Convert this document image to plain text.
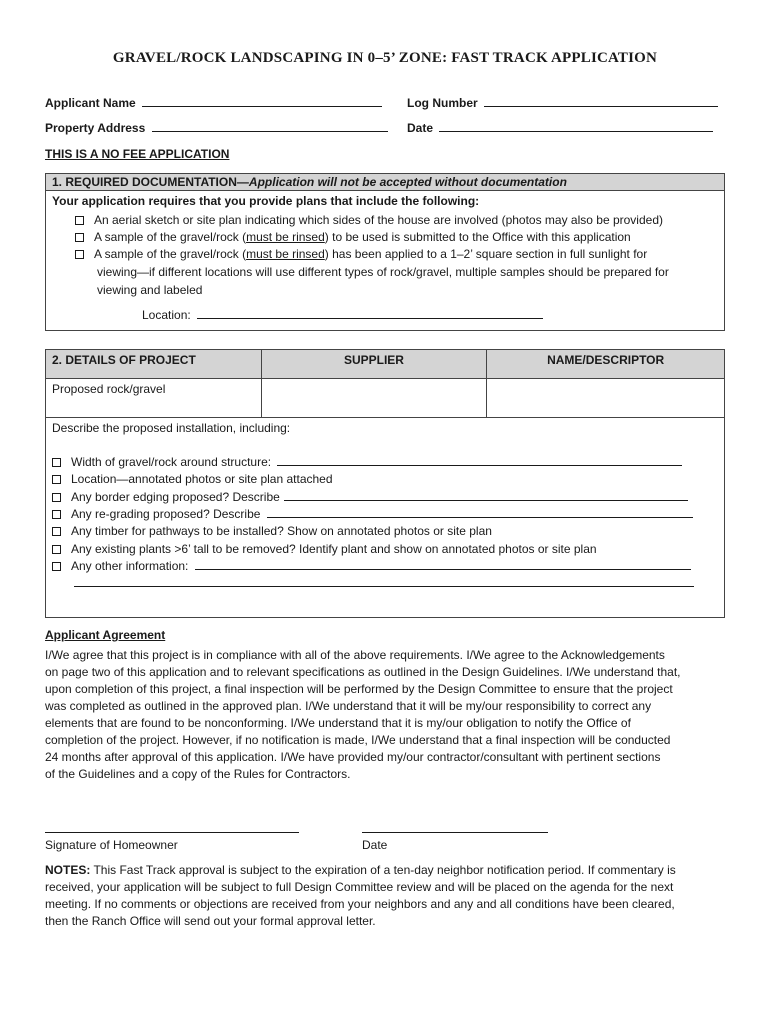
GRAVEL/ROCK LANDSCAPING IN 0–5’ ZONE: FAST TRACK APPLICATION
Applicant Name	Log Number
Property Address	Date
THIS IS A NO FEE APPLICATION
1. REQUIRED DOCUMENTATION—Application will not be accepted without documentation
Your application requires that you provide plans that include the following:
An aerial sketch or site plan indicating which sides of the house are involved (photos may also be provided)
A sample of the gravel/rock (must be rinsed) to be used is submitted to the Office with this application
A sample of the gravel/rock (must be rinsed) has been applied to a 1–2’ square section in full sunlight for
viewing—if different locations will use different types of rock/gravel, multiple samples should be prepared for
viewing and labeled
Location:
2. DETAILS OF PROJECT	SUPPLIER	NAME/DESCRIPTOR
Proposed rock/gravel		

Describe the proposed installation, including:
Width of gravel/rock around structure:
Location—annotated photos or site plan attached
Any border edging proposed? Describe
Any re-grading proposed? Describe
Any timber for pathways to be installed? Show on annotated photos or site plan
Any existing plants >6’ tall to be removed? Identify plant and show on annotated photos or site plan
Any other information:
Applicant Agreement
I/We agree that this project is in compliance with all of the above requirements. I/We agree to the Acknowledgements
on page two of this application and to relevant specifications as outlined in the Design Guidelines. I/We understand that,
upon completion of this project, a final inspection will be performed by the Design Committee to ensure that the project
was completed as outlined in the approved plan. I/We understand that it will be my/our responsibility to correct any
elements that are found to be nonconforming. I/We understand that it is my/our obligation to notify the Office of
completion of the project. However, if no notification is made, I/We understand that a final inspection will be conducted
24 months after approval of this application. I/We have provided my/our contractor/consultant with pertinent sections
of the Guidelines and a copy of the Rules for Contractors.
Signature of Homeowner	Date
NOTES: This Fast Track approval is subject to the expiration of a ten-day neighbor notification period. If commentary is
received, your application will be subject to full Design Committee review and will be placed on the agenda for the next
meeting. If no comments or objections are received from your neighbors and any and all conditions have been cleared,
then the Ranch Office will send out your formal approval letter.
